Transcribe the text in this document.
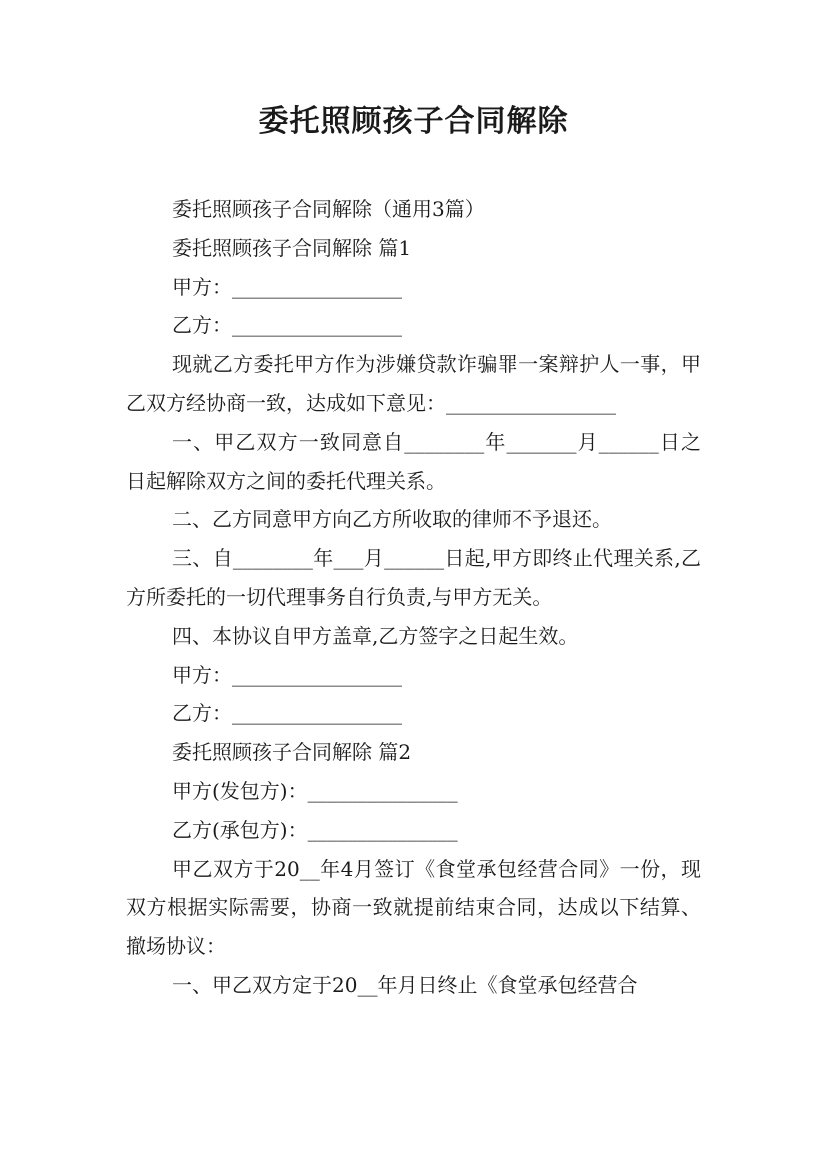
委托照顾孩子合同解除

委托照顾孩子合同解除（通用3篇）

委托照顾孩子合同解除 篇1

甲方：_________________

乙方：_________________

现就乙方委托甲方作为涉嫌贷款诈骗罪一案辩护人一事，甲乙双方经协商一致，达成如下意见：_________________

一、甲乙双方一致同意自________年_______月______日之日起解除双方之间的委托代理关系。

二、乙方同意甲方向乙方所收取的律师不予退还。

三、自________年___月______日起,甲方即终止代理关系,乙方所委托的一切代理事务自行负责,与甲方无关。

四、本协议自甲方盖章,乙方签字之日起生效。

甲方：_________________

乙方：_________________

委托照顾孩子合同解除 篇2

甲方(发包方)：_______________

乙方(承包方)：_______________

甲乙双方于20__年4月签订《食堂承包经营合同》一份，现双方根据实际需要，协商一致就提前结束合同，达成以下结算、撤场协议：

一、甲乙双方定于20__年月日终止《食堂承包经营合
